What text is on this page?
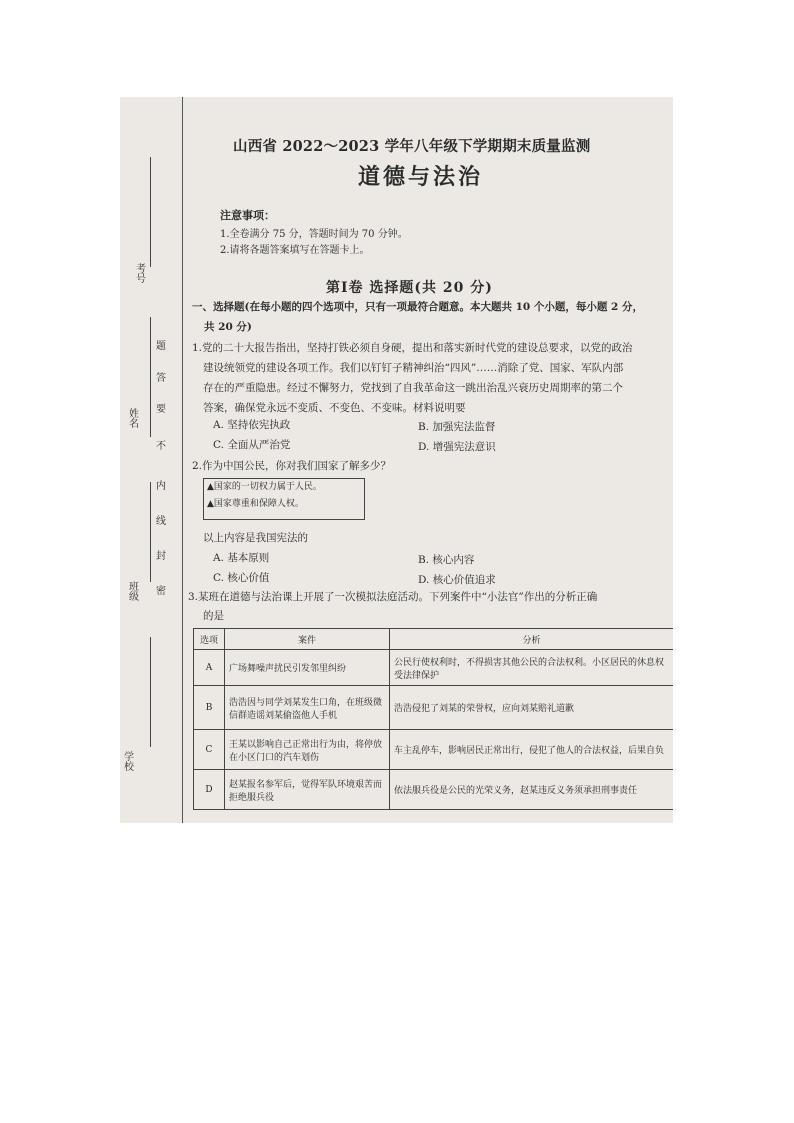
考号
姓名
班级
学校
题
答
要
不
内
线
封
密
山西省 2022～2023 学年八年级下学期期末质量监测
道德与法治
注意事项：
1.全卷满分 75 分，答题时间为 70 分钟。
2.请将各题答案填写在答题卡上。
第Ⅰ卷 选择题(共 20 分)
一、选择题(在每小题的四个选项中，只有一项最符合题意。本大题共 10 个小题，每小题 2 分，
共 20 分)
1.党的二十大报告指出，坚持打铁必须自身硬，提出和落实新时代党的建设总要求，以党的政治
建设统领党的建设各项工作。我们以钉钉子精神纠治“四风”……消除了党、国家、军队内部
存在的严重隐患。经过不懈努力，党找到了自我革命这一跳出治乱兴衰历史周期率的第二个
答案，确保党永远不变质、不变色、不变味。材料说明要
A. 坚持依宪执政	B. 加强宪法监督
C. 全面从严治党	D. 增强宪法意识
2.作为中国公民，你对我们国家了解多少？
▲国家的一切权力属于人民。
▲国家尊重和保障人权。
以上内容是我国宪法的
A. 基本原则	B. 核心内容
C. 核心价值	D. 核心价值追求
3.某班在道德与法治课上开展了一次模拟法庭活动。下列案件中“小法官”作出的分析正确
的是
选项	案件	分析
A	广场舞噪声扰民引发邻里纠纷	公民行使权利时，不得损害其他公民的合法权利。小区居民的休息权受法律保护
B	浩浩因与同学刘某发生口角，在班级微信群造谣刘某偷盗他人手机	浩浩侵犯了刘某的荣誉权，应向刘某赔礼道歉
C	王某以影响自己正常出行为由，将停放在小区门口的汽车划伤	车主乱停车，影响居民正常出行，侵犯了他人的合法权益，后果自负
D	赵某报名参军后，觉得军队环境艰苦而拒绝服兵役	依法服兵役是公民的光荣义务，赵某违反义务须承担刑事责任
